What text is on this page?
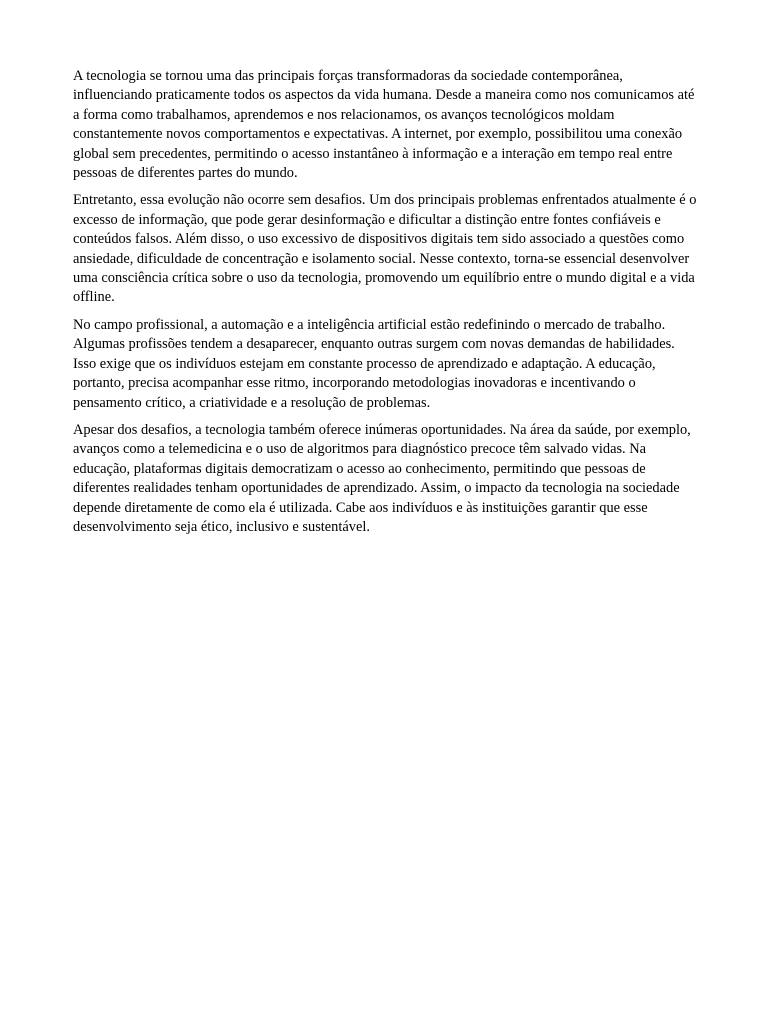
A tecnologia se tornou uma das principais forças transformadoras da sociedade contemporânea, influenciando praticamente todos os aspectos da vida humana. Desde a maneira como nos comunicamos até a forma como trabalhamos, aprendemos e nos relacionamos, os avanços tecnológicos moldam constantemente novos comportamentos e expectativas. A internet, por exemplo, possibilitou uma conexão global sem precedentes, permitindo o acesso instantâneo à informação e a interação em tempo real entre pessoas de diferentes partes do mundo.

Entretanto, essa evolução não ocorre sem desafios. Um dos principais problemas enfrentados atualmente é o excesso de informação, que pode gerar desinformação e dificultar a distinção entre fontes confiáveis e conteúdos falsos. Além disso, o uso excessivo de dispositivos digitais tem sido associado a questões como ansiedade, dificuldade de concentração e isolamento social. Nesse contexto, torna-se essencial desenvolver uma consciência crítica sobre o uso da tecnologia, promovendo um equilíbrio entre o mundo digital e a vida offline.

No campo profissional, a automação e a inteligência artificial estão redefinindo o mercado de trabalho. Algumas profissões tendem a desaparecer, enquanto outras surgem com novas demandas de habilidades. Isso exige que os indivíduos estejam em constante processo de aprendizado e adaptação. A educação, portanto, precisa acompanhar esse ritmo, incorporando metodologias inovadoras e incentivando o pensamento crítico, a criatividade e a resolução de problemas.

Apesar dos desafios, a tecnologia também oferece inúmeras oportunidades. Na área da saúde, por exemplo, avanços como a telemedicina e o uso de algoritmos para diagnóstico precoce têm salvado vidas. Na educação, plataformas digitais democratizam o acesso ao conhecimento, permitindo que pessoas de diferentes realidades tenham oportunidades de aprendizado. Assim, o impacto da tecnologia na sociedade depende diretamente de como ela é utilizada. Cabe aos indivíduos e às instituições garantir que esse desenvolvimento seja ético, inclusivo e sustentável.
